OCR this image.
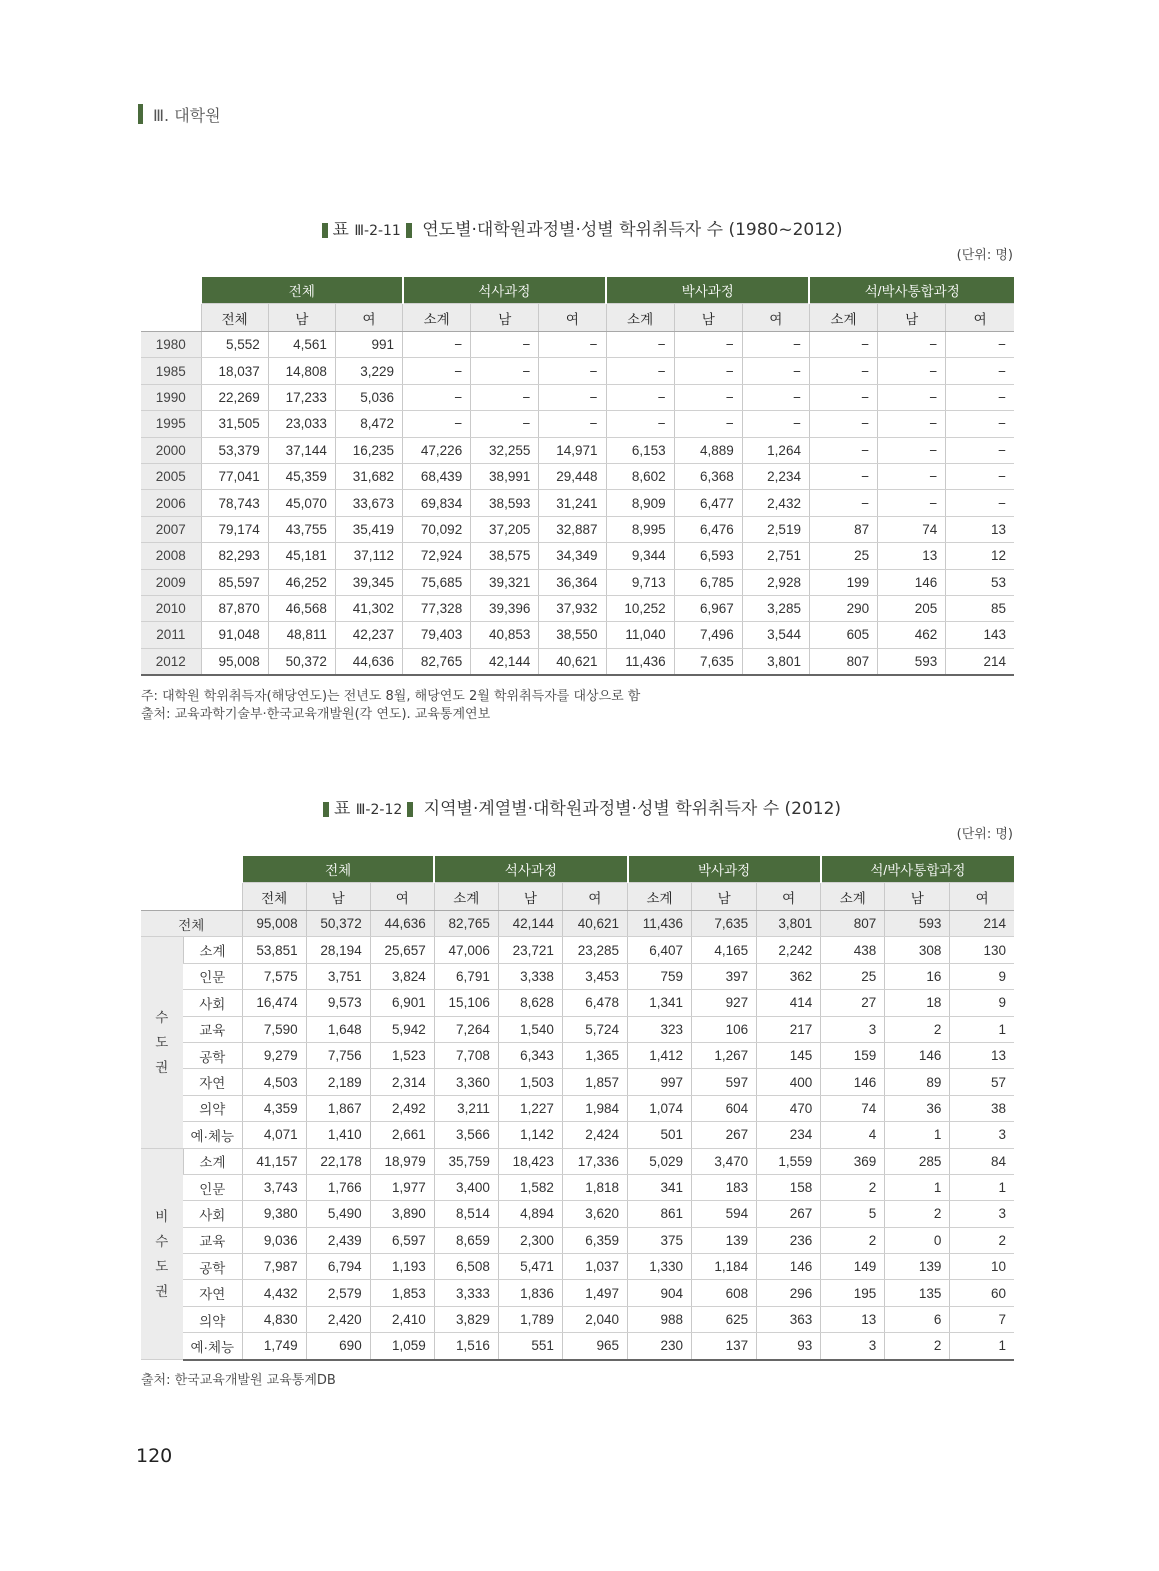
Ⅲ. 대학원
표 Ⅲ-2-11 연도별·대학원과정별·성별 학위취득자 수 (1980~2012)
(단위: 명)
	전체			석사과정			박사과정			석/박사통합과정		
	전체	남	여	소계	남	여	소계	남	여	소계	남	여
1980	5,552	4,561	991	−	−	−	−	−	−	−	−	−
1985	18,037	14,808	3,229	−	−	−	−	−	−	−	−	−
1990	22,269	17,233	5,036	−	−	−	−	−	−	−	−	−
1995	31,505	23,033	8,472	−	−	−	−	−	−	−	−	−
2000	53,379	37,144	16,235	47,226	32,255	14,971	6,153	4,889	1,264	−	−	−
2005	77,041	45,359	31,682	68,439	38,991	29,448	8,602	6,368	2,234	−	−	−
2006	78,743	45,070	33,673	69,834	38,593	31,241	8,909	6,477	2,432	−	−	−
2007	79,174	43,755	35,419	70,092	37,205	32,887	8,995	6,476	2,519	87	74	13
2008	82,293	45,181	37,112	72,924	38,575	34,349	9,344	6,593	2,751	25	13	12
2009	85,597	46,252	39,345	75,685	39,321	36,364	9,713	6,785	2,928	199	146	53
2010	87,870	46,568	41,302	77,328	39,396	37,932	10,252	6,967	3,285	290	205	85
2011	91,048	48,811	42,237	79,403	40,853	38,550	11,040	7,496	3,544	605	462	143
2012	95,008	50,372	44,636	82,765	42,144	40,621	11,436	7,635	3,801	807	593	214
주: 대학원 학위취득자(해당연도)는 전년도 8월, 해당연도 2월 학위취득자를 대상으로 함
출처: 교육과학기술부·한국교육개발원(각 연도). 교육통계연보
표 Ⅲ-2-12 지역별·계열별·대학원과정별·성별 학위취득자 수 (2012)
(단위: 명)
		전체			석사과정			박사과정			석/박사통합과정		
		전체	남	여	소계	남	여	소계	남	여	소계	남	여
전체		95,008	50,372	44,636	82,765	42,144	40,621	11,436	7,635	3,801	807	593	214
수
도
권	소계	53,851	28,194	25,657	47,006	23,721	23,285	6,407	4,165	2,242	438	308	130
	인문	7,575	3,751	3,824	6,791	3,338	3,453	759	397	362	25	16	9
	사회	16,474	9,573	6,901	15,106	8,628	6,478	1,341	927	414	27	18	9
	교육	7,590	1,648	5,942	7,264	1,540	5,724	323	106	217	3	2	1
	공학	9,279	7,756	1,523	7,708	6,343	1,365	1,412	1,267	145	159	146	13
	자연	4,503	2,189	2,314	3,360	1,503	1,857	997	597	400	146	89	57
	의약	4,359	1,867	2,492	3,211	1,227	1,984	1,074	604	470	74	36	38
	예·체능	4,071	1,410	2,661	3,566	1,142	2,424	501	267	234	4	1	3
비
수
도
권	소계	41,157	22,178	18,979	35,759	18,423	17,336	5,029	3,470	1,559	369	285	84
	인문	3,743	1,766	1,977	3,400	1,582	1,818	341	183	158	2	1	1
	사회	9,380	5,490	3,890	8,514	4,894	3,620	861	594	267	5	2	3
	교육	9,036	2,439	6,597	8,659	2,300	6,359	375	139	236	2	0	2
	공학	7,987	6,794	1,193	6,508	5,471	1,037	1,330	1,184	146	149	139	10
	자연	4,432	2,579	1,853	3,333	1,836	1,497	904	608	296	195	135	60
	의약	4,830	2,420	2,410	3,829	1,789	2,040	988	625	363	13	6	7
	예·체능	1,749	690	1,059	1,516	551	965	230	137	93	3	2	1
출처: 한국교육개발원 교육통계DB
120
